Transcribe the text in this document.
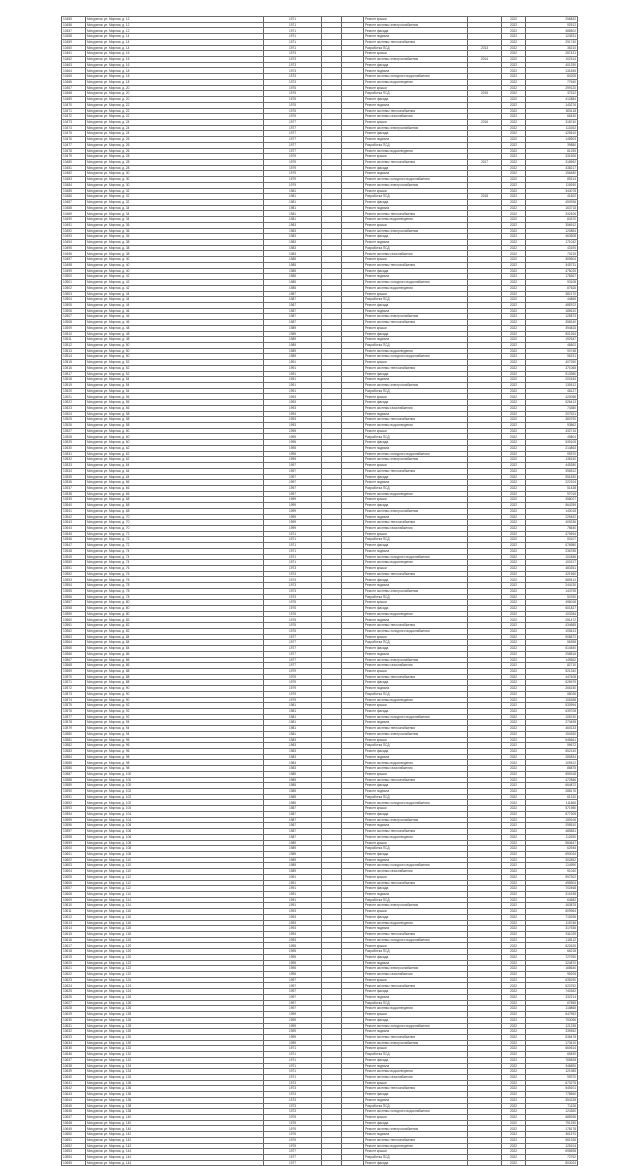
10455	Мичуринск ул. Мирная, д. 12	1971			Ремонт крыши		2022	256832
10456	Мичуринск ул. Мирная, д. 12	1971			Ремонт системы электроснабжения		2022	92512
10457	Мичуринск ул. Мирная, д. 12	1971			Ремонт фасада		2022	388502
10458	Мичуринск ул. Мирная, д. 14	1971			Ремонт подвала		2022	124531
10459	Мичуринск ул. Мирная, д. 14	1971			Ремонт системы теплоснабжения		2022	291740
10460	Мичуринск ул. Мирная, д. 14	1971			Разработка ПСД	2013	2022	35210
10461	Мичуринск ул. Мирная, д. 16	1973			Ремонт крыши		2022	287431
10462	Мичуринск ул. Мирная, д. 16	1973			Ремонт системы электроснабжения	2014	2022	102314
10463	Мичуринск ул. Мирная, д. 16	1973			Ремонт фасада		2022	401290
10464	Мичуринск ул. Мирная, д. 18	1973			Ремонт подвала		2022	131845
10465	Мичуринск ул. Мирная, д. 18	1973			Ремонт системы холодного водоснабжения		2022	84205
10466	Мичуринск ул. Мирная, д. 18	1973			Ремонт системы водоотведения		2022	77640
10467	Мичуринск ул. Мирная, д. 20	1975			Ремонт крыши		2022	299120
10468	Мичуринск ул. Мирная, д. 20	1975			Разработка ПСД	2015	2022	37512
10469	Мичуринск ул. Мирная, д. 20	1975			Ремонт фасада		2022	412884
10470	Мичуринск ул. Мирная, д. 22	1975			Ремонт подвала		2022	140276
10471	Мичуринск ул. Мирная, д. 22	1975			Ремонт системы теплоснабжения		2022	305118
10472	Мичуринск ул. Мирная, д. 22	1975			Ремонт системы газоснабжения		2022	66430
10473	Мичуринск ул. Мирная, д. 24	1977			Ремонт крыши	2016	2022	318740
10474	Мичуринск ул. Мирная, д. 24	1977			Ремонт системы электроснабжения		2022	110252
10475	Мичуринск ул. Мирная, д. 24	1977			Ремонт фасада		2022	425610
10476	Мичуринск ул. Мирная, д. 26	1977			Ремонт подвала		2022	148903
10477	Мичуринск ул. Мирная, д. 26	1977			Разработка ПСД		2022	39880
10478	Мичуринск ул. Мирная, д. 26	1977			Ремонт системы водоотведения		2022	81255
10479	Мичуринск ул. Мирная, д. 28	1979			Ремонт крыши		2022	331506
10480	Мичуринск ул. Мирная, д. 28	1979			Ремонт системы теплоснабжения	2017	2022	318962
10481	Мичуринск ул. Мирная, д. 28	1979			Ремонт фасада		2022	438217
10482	Мичуринск ул. Мирная, д. 30	1979			Ремонт подвала		2022	156480
10483	Мичуринск ул. Мирная, д. 30	1979			Ремонт системы холодного водоснабжения		2022	89214
10484	Мичуринск ул. Мирная, д. 30	1979			Ремонт системы электроснабжения		2022	115930
10485	Мичуринск ул. Мирная, д. 32	1981			Ремонт крыши		2022	344078
10486	Мичуринск ул. Мирная, д. 32	1981			Разработка ПСД	2018	2022	41602
10487	Мичуринск ул. Мирная, д. 32	1981			Ремонт фасада		2022	450936
10488	Мичуринск ул. Мирная, д. 34	1981			Ремонт подвала		2022	163715
10489	Мичуринск ул. Мирная, д. 34	1981			Ремонт системы теплоснабжения		2022	332406
10490	Мичуринск ул. Мирная, д. 34	1981			Ремонт системы водоотведения		2022	84370
10491	Мичуринск ул. Мирная, д. 36	1983			Ремонт крыши		2022	356912
10492	Мичуринск ул. Мирная, д. 36	1983			Ремонт системы электроснабжения		2022	120884
10493	Мичуринск ул. Мирная, д. 36	1983			Ремонт фасада		2022	463508
10494	Мичуринск ул. Мирная, д. 38	1983			Ремонт подвала		2022	171042
10495	Мичуринск ул. Мирная, д. 38	1983			Разработка ПСД		2022	43190
10496	Мичуринск ул. Мирная, д. 38	1983			Ремонт системы газоснабжения		2022	70215
10497	Мичуринск ул. Мирная, д. 40	1985			Ремонт крыши		2022	369604
10498	Мичуринск ул. Мирная, д. 40	1985			Ремонт системы теплоснабжения		2022	345731
10499	Мичуринск ул. Мирная, д. 40	1985			Ремонт фасада		2022	476025
10500	Мичуринск ул. Мирная, д. 42	1985			Ремонт подвала		2022	178367
10501	Мичуринск ул. Мирная, д. 42	1985			Ремонт системы холодного водоснабжения		2022	93108
10502	Мичуринск ул. Мирная, д. 42	1985			Ремонт системы водоотведения		2022	87526
10503	Мичуринск ул. Мирная, д. 44	1987			Ремонт крыши		2022	382170
10504	Мичуринск ул. Мирная, д. 44	1987			Разработка ПСД		2022	44865
10505	Мичуринск ул. Мирная, д. 44	1987			Ремонт фасада		2022	488702
10506	Мичуринск ул. Мирная, д. 46	1987			Ремонт подвала		2022	185610
10507	Мичуринск ул. Мирная, д. 46	1987			Ремонт системы электроснабжения		2022	125873
10508	Мичуринск ул. Мирная, д. 46	1987			Ремонт системы теплоснабжения		2022	358240
10509	Мичуринск ул. Мирная, д. 48	1989			Ремонт крыши		2022	394815
10510	Мичуринск ул. Мирная, д. 48	1989			Ремонт фасада		2022	501264
10511	Мичуринск ул. Мирная, д. 48	1989			Ремонт подвала		2022	192947
10512	Мичуринск ул. Мирная, д. 50	1989			Разработка ПСД		2022	46502
10513	Мичуринск ул. Мирная, д. 50	1989			Ремонт системы водоотведения		2022	90748
10514	Мичуринск ул. Мирная, д. 50	1989			Ремонт системы холодного водоснабжения		2022	96231
10515	Мичуринск ул. Мирная, д. 52	1991			Ремонт крыши		2022	407390
10516	Мичуринск ул. Мирная, д. 52	1991			Ремонт системы теплоснабжения		2022	371065
10517	Мичуринск ул. Мирная, д. 52	1991			Ремонт фасада		2022	513980
10518	Мичуринск ул. Мирная, д. 54	1991			Ремонт подвала		2022	200184
10519	Мичуринск ул. Мирная, д. 54	1991			Ремонт системы электроснабжения		2022	130512
10520	Мичуринск ул. Мирная, д. 54	1991			Разработка ПСД		2022	48127
10521	Мичуринск ул. Мирная, д. 56	1993			Ремонт крыши		2022	420058
10522	Мичуринск ул. Мирная, д. 56	1993			Ремонт фасада		2022	526413
10523	Мичуринск ул. Мирная, д. 56	1993			Ремонт системы газоснабжения		2022	74380
10524	Мичуринск ул. Мирная, д. 58	1993			Ремонт подвала		2022	207521
10525	Мичуринск ул. Мирная, д. 58	1993			Ремонт системы теплоснабжения		2022	383790
10526	Мичуринск ул. Мирная, д. 58	1993			Ремонт системы водоотведения		2022	93862
10527	Мичуринск ул. Мирная, д. 60	1995			Ремонт крыши		2022	432716
10528	Мичуринск ул. Мирная, д. 60	1995			Разработка ПСД		2022	49804
10529	Мичуринск ул. Мирная, д. 60	1995			Ремонт фасада		2022	539105
10530	Мичуринск ул. Мирная, д. 62	1995			Ремонт подвала		2022	214863
10531	Мичуринск ул. Мирная, д. 62	1995			Ремонт системы холодного водоснабжения		2022	99370
10532	Мичуринск ул. Мирная, д. 62	1995			Ремонт системы электроснабжения		2022	135240
10533	Мичуринск ул. Мирная, д. 64	1997			Ремонт крыши		2022	445380
10534	Мичуринск ул. Мирная, д. 64	1997			Ремонт системы теплоснабжения		2022	396512
10535	Мичуринск ул. Мирная, д. 64	1997			Ремонт фасада		2022	551830
10536	Мичуринск ул. Мирная, д. 66	1997			Ремонт подвала		2022	222104
10537	Мичуринск ул. Мирная, д. 66	1997			Разработка ПСД		2022	51438
10538	Мичуринск ул. Мирная, д. 66	1997			Ремонт системы водоотведения		2022	97015
10539	Мичуринск ул. Мирная, д. 68	1999			Ремонт крыши		2022	458027
10540	Мичуринск ул. Мирная, д. 68	1999			Ремонт фасада		2022	564259
10541	Мичуринск ул. Мирная, д. 68	1999			Ремонт системы электроснабжения		2022	140018
10542	Мичуринск ул. Мирная, д. 70	1999			Ремонт подвала		2022	229452
10543	Мичуринск ул. Мирная, д. 70	1999			Ремонт системы теплоснабжения		2022	409236
10544	Мичуринск ул. Мирная, д. 70	1999			Ремонт системы газоснабжения		2022	78540
10545	Мичуринск ул. Мирная, д. 72	1971			Ремонт крыши		2022	470694
10546	Мичуринск ул. Мирная, д. 72	1971			Разработка ПСД		2022	53107
10547	Мичуринск ул. Мирная, д. 72	1971			Ремонт фасада		2022	576980
10548	Мичуринск ул. Мирная, д. 74	1971			Ремонт подвала		2022	236785
10549	Мичуринск ул. Мирная, д. 74	1971			Ремонт системы холодного водоснабжения		2022	102486
10550	Мичуринск ул. Мирная, д. 74	1971			Ремонт системы водоотведения		2022	100127
10551	Мичуринск ул. Мирная, д. 76	1973			Ремонт крыши		2022	483351
10552	Мичуринск ул. Мирная, д. 76	1973			Ремонт системы теплоснабжения		2022	421960
10553	Мичуринск ул. Мирная, д. 76	1973			Ремонт фасада		2022	589412
10554	Мичуринск ул. Мирная, д. 78	1973			Ремонт подвала		2022	244130
10555	Мичуринск ул. Мирная, д. 78	1973			Ремонт системы электроснабжения		2022	144795
10556	Мичуринск ул. Мирная, д. 78	1973			Разработка ПСД		2022	54760
10557	Мичуринск ул. Мирная, д. 80	1975			Ремонт крыши		2022	496018
10558	Мичуринск ул. Мирная, д. 80	1975			Ремонт фасада		2022	601827
10559	Мичуринск ул. Мирная, д. 80	1975			Ремонт системы водоотведения		2022	103284
10560	Мичуринск ул. Мирная, д. 82	1975			Ремонт подвала		2022	251472
10561	Мичуринск ул. Мирная, д. 82	1975			Ремонт системы теплоснабжения		2022	434685
10562	Мичуринск ул. Мирная, д. 82	1975			Ремонт системы холодного водоснабжения		2022	105613
10563	Мичуринск ул. Мирная, д. 84	1977			Ремонт крыши		2022	508672
10564	Мичуринск ул. Мирная, д. 84	1977			Разработка ПСД		2022	56398
10565	Мичуринск ул. Мирная, д. 84	1977			Ремонт фасада		2022	614540
10566	Мичуринск ул. Мирная, д. 86	1977			Ремонт подвала		2022	258816
10567	Мичуринск ул. Мирная, д. 86	1977			Ремонт системы электроснабжения		2022	149562
10568	Мичуринск ул. Мирная, д. 86	1977			Ремонт системы газоснабжения		2022	82710
10569	Мичуринск ул. Мирная, д. 88	1979			Ремонт крыши		2022	521340
10570	Мичуринск ул. Мирная, д. 88	1979			Ремонт системы теплоснабжения		2022	447408
10571	Мичуринск ул. Мирная, д. 88	1979			Ремонт фасада		2022	626975
10572	Мичуринск ул. Мирная, д. 90	1979			Ремонт подвала		2022	266150
10573	Мичуринск ул. Мирная, д. 90	1979			Разработка ПСД		2022	58035
10574	Мичуринск ул. Мирная, д. 90	1979			Ремонт системы водоотведения		2022	106398
10575	Мичуринск ул. Мирная, д. 92	1981			Ремонт крыши		2022	533994
10576	Мичуринск ул. Мирная, д. 92	1981			Ремонт фасада		2022	639708
10577	Мичуринск ул. Мирная, д. 92	1981			Ремонт системы холодного водоснабжения		2022	108740
10578	Мичуринск ул. Мирная, д. 94	1981			Ремонт подвала		2022	273498
10579	Мичуринск ул. Мирная, д. 94	1981			Ремонт системы теплоснабжения		2022	460133
10580	Мичуринск ул. Мирная, д. 94	1981			Ремонт системы электроснабжения		2022	154330
10581	Мичуринск ул. Мирная, д. 96	1983			Ремонт крыши		2022	546661
10582	Мичуринск ул. Мирная, д. 96	1983			Разработка ПСД		2022	59672
10583	Мичуринск ул. Мирная, д. 96	1983			Ремонт фасада		2022	652140
10584	Мичуринск ул. Мирная, д. 98	1983			Ремонт подвала		2022	280834
10585	Мичуринск ул. Мирная, д. 98	1983			Ремонт системы водоотведения		2022	109512
10586	Мичуринск ул. Мирная, д. 98	1983			Ремонт системы газоснабжения		2022	86875
10587	Мичуринск ул. Мирная, д. 100	1985			Ремонт крыши		2022	559318
10588	Мичуринск ул. Мирная, д. 100	1985			Ремонт системы теплоснабжения		2022	472856
10589	Мичуринск ул. Мирная, д. 100	1985			Ремонт фасада		2022	664872
10590	Мичуринск ул. Мирная, д. 102	1985			Ремонт подвала		2022	288176
10591	Мичуринск ул. Мирная, д. 102	1985			Разработка ПСД		2022	61310
10592	Мичуринск ул. Мирная, д. 102	1985			Ремонт системы холодного водоснабжения		2022	111865
10593	Мичуринск ул. Мирная, д. 104	1987			Ремонт крыши		2022	571980
10594	Мичуринск ул. Мирная, д. 104	1987			Ремонт фасада		2022	677305
10595	Мичуринск ул. Мирная, д. 104	1987			Ремонт системы электроснабжения		2022	159106
10596	Мичуринск ул. Мирная, д. 106	1987			Ремонт подвала		2022	295510
10597	Мичуринск ул. Мирная, д. 106	1987			Ремонт системы теплоснабжения		2022	485581
10598	Мичуринск ул. Мирная, д. 106	1987			Ремонт системы водоотведения		2022	112630
10599	Мичуринск ул. Мирная, д. 108	1989			Ремонт крыши		2022	584647
10600	Мичуринск ул. Мирная, д. 108	1989			Разработка ПСД		2022	62945
10601	Мичуринск ул. Мирная, д. 108	1989			Ремонт фасада		2022	690034
10602	Мичуринск ул. Мирная, д. 110	1989			Ремонт подвала		2022	302852
10603	Мичуринск ул. Мирная, д. 110	1989			Ремонт системы холодного водоснабжения		2022	114990
10604	Мичуринск ул. Мирная, д. 110	1989			Ремонт системы газоснабжения		2022	91040
10605	Мичуринск ул. Мирная, д. 112	1991			Ремонт крыши		2022	597302
10606	Мичуринск ул. Мирная, д. 112	1991			Ремонт системы теплоснабжения		2022	498304
10607	Мичуринск ул. Мирная, д. 112	1991			Ремонт фасада		2022	702468
10608	Мичуринск ул. Мирная, д. 114	1991			Ремонт подвала		2022	310198
10609	Мичуринск ул. Мирная, д. 114	1991			Разработка ПСД		2022	64582
10610	Мичуринск ул. Мирная, д. 114	1991			Ремонт системы электроснабжения		2022	163875
10611	Мичуринск ул. Мирная, д. 116	1993			Ремонт крыши		2022	609964
10612	Мичуринск ул. Мирная, д. 116	1993			Ремонт фасада		2022	715196
10613	Мичуринск ул. Мирная, д. 116	1993			Ремонт системы водоотведения		2022	115746
10614	Мичуринск ул. Мирная, д. 118	1993			Ремонт подвала		2022	317536
10615	Мичуринск ул. Мирная, д. 118	1993			Ремонт системы теплоснабжения		2022	511029
10616	Мичуринск ул. Мирная, д. 118	1993			Ремонт системы холодного водоснабжения		2022	118112
10617	Мичуринск ул. Мирная, д. 120	1995			Ремонт крыши		2022	622625
10618	Мичуринск ул. Мирная, д. 120	1995			Разработка ПСД		2022	66218
10619	Мичуринск ул. Мирная, д. 120	1995			Ремонт фасада		2022	727930
10620	Мичуринск ул. Мирная, д. 122	1995			Ремонт подвала		2022	324870
10621	Мичуринск ул. Мирная, д. 122	1995			Ремонт системы электроснабжения		2022	168640
10622	Мичуринск ул. Мирная, д. 122	1995			Ремонт системы газоснабжения		2022	95205
10623	Мичуринск ул. Мирная, д. 124	1997			Ремонт крыши		2022	635290
10624	Мичуринск ул. Мирная, д. 124	1997			Ремонт системы теплоснабжения		2022	523752
10625	Мичуринск ул. Мирная, д. 124	1997			Ремонт фасада		2022	740362
10626	Мичуринск ул. Мирная, д. 126	1997			Ремонт подвала		2022	332214
10627	Мичуринск ул. Мирная, д. 126	1997			Разработка ПСД		2022	67855
10628	Мичуринск ул. Мирная, д. 126	1997			Ремонт системы водоотведения		2022	118865
10629	Мичуринск ул. Мирная, д. 128	1999			Ремонт крыши		2022	647952
10630	Мичуринск ул. Мирная, д. 128	1999			Ремонт фасада		2022	753096
10631	Мичуринск ул. Мирная, д. 128	1999			Ремонт системы холодного водоснабжения		2022	121235
10632	Мичуринск ул. Мирная, д. 130	1999			Ремонт подвала		2022	339552
10633	Мичуринск ул. Мирная, д. 130	1999			Ремонт системы теплоснабжения		2022	536478
10634	Мичуринск ул. Мирная, д. 130	1999			Ремонт системы электроснабжения		2022	173410
10635	Мичуринск ул. Мирная, д. 132	1971			Ремонт крыши		2022	660614
10636	Мичуринск ул. Мирная, д. 132	1971			Разработка ПСД		2022	69490
10637	Мичуринск ул. Мирная, д. 132	1971			Ремонт фасада		2022	765828
10638	Мичуринск ул. Мирная, д. 134	1971			Ремонт подвала		2022	346890
10639	Мичуринск ул. Мирная, д. 134	1971			Ремонт системы водоотведения		2022	121985
10640	Мичуринск ул. Мирная, д. 134	1971			Ремонт системы газоснабжения		2022	99370
10641	Мичуринск ул. Мирная, д. 136	1973			Ремонт крыши		2022	673275
10642	Мичуринск ул. Мирная, д. 136	1973			Ремонт системы теплоснабжения		2022	549201
10643	Мичуринск ул. Мирная, д. 136	1973			Ремонт фасада		2022	778560
10644	Мичуринск ул. Мирная, д. 138	1973			Ремонт подвала		2022	354228
10645	Мичуринск ул. Мирная, д. 138	1973			Разработка ПСД		2022	71126
10646	Мичуринск ул. Мирная, д. 138	1973			Ремонт системы холодного водоснабжения		2022	124360
10647	Мичуринск ул. Мирная, д. 140	1975			Ремонт крыши		2022	685936
10648	Мичуринск ул. Мирная, д. 140	1975			Ремонт фасада		2022	791290
10649	Мичуринск ул. Мирная, д. 140	1975			Ремонт системы электроснабжения		2022	178178
10650	Мичуринск ул. Мирная, д. 142	1975			Ремонт подвала		2022	361570
10651	Мичуринск ул. Мирная, д. 142	1975			Ремонт системы теплоснабжения		2022	561926
10652	Мичуринск ул. Мирная, д. 142	1975			Ремонт системы водоотведения		2022	125104
10653	Мичуринск ул. Мирная, д. 144	1977			Ремонт крыши		2022	698598
10654	Мичуринск ул. Мирная, д. 144	1977			Разработка ПСД		2022	72762
10655	Мичуринск ул. Мирная, д. 144	1977			Ремонт фасада		2022	804024
